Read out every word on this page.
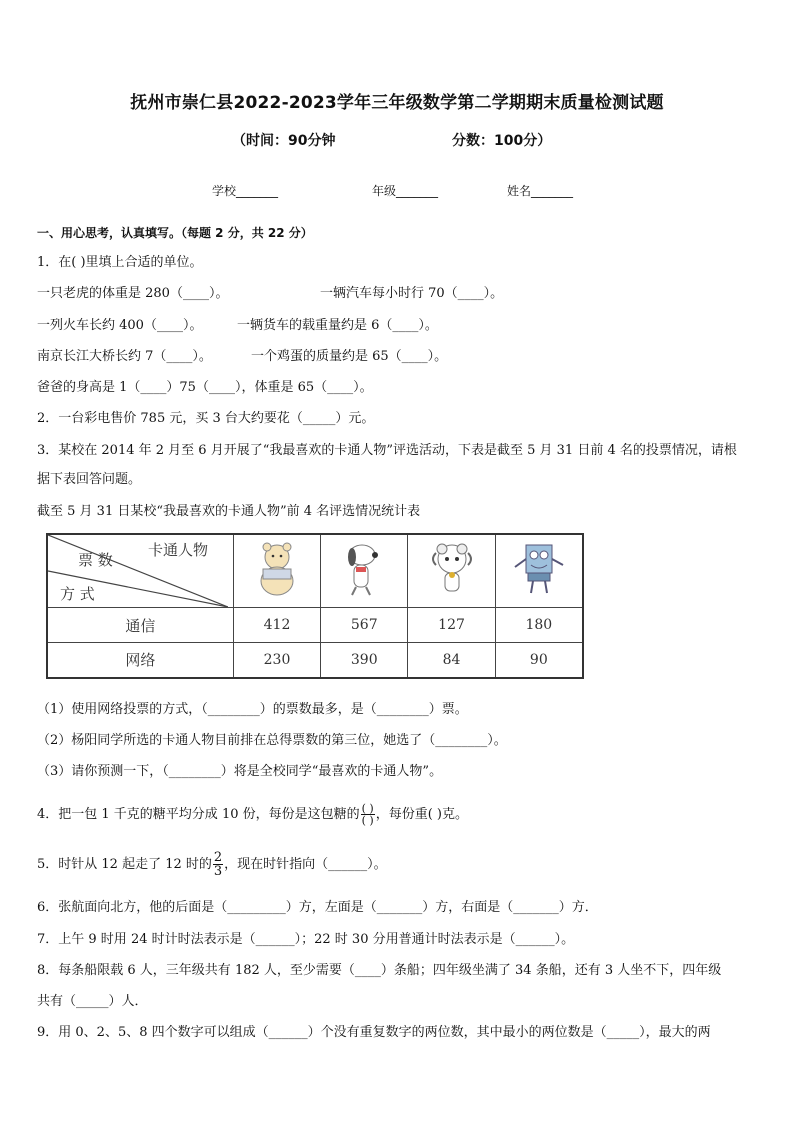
抚州市崇仁县2022-2023学年三年级数学第二学期期末质量检测试题
（时间：90分钟	分数：100分）
学校_______	年级_______	姓名_______
一、用心思考，认真填写。（每题 2 分，共 22 分）
1．在( )里填上合适的单位。
一只老虎的体重是 280（____）。	一辆汽车每小时行 70（____）。
一列火车长约 400（____）。	一辆货车的载重量约是 6（____）。
南京长江大桥长约 7（____）。	一个鸡蛋的质量约是 65（____）。
爸爸的身高是 1（____）75（____），体重是 65（____）。
2．一台彩电售价 785 元，买 3 台大约要花（_____）元。
3．某校在 2014 年 2 月至 6 月开展了“我最喜欢的卡通人物”评选活动，下表是截至 5 月 31 日前 4 名的投票情况，请根
据下表回答问题。
截至 5 月 31 日某校“我最喜欢的卡通人物”前 4 名评选情况统计表
卡通人物
票 数
方 式

通信	412	567	127	180
网络	230	390	84	90
（1）使用网络投票的方式，（________）的票数最多，是（________）票。
（2）杨阳同学所选的卡通人物目前排在总得票数的第三位，她选了（________）。
（3）请你预测一下，（________）将是全校同学“最喜欢的卡通人物”。
4．把一包 1 千克的糖平均分成 10 份，每份是这包糖的 $\frac{( )}{( )}$ ，每份重( )克。
5．时针从 12 起走了 12 时的 $\frac{2}{3}$ ，现在时针指向（______）。
6．张航面向北方，他的后面是（_________）方，左面是（_______）方，右面是（_______）方．
7．上午 9 时用 24 时计时法表示是（______）；22 时 30 分用普通计时法表示是（______）。
8．每条船限载 6 人，三年级共有 182 人，至少需要（____）条船；四年级坐满了 34 条船，还有 3 人坐不下，四年级
共有（_____）人．
9．用 0、2、5、8 四个数字可以组成（______）个没有重复数字的两位数，其中最小的两位数是（_____），最大的两
